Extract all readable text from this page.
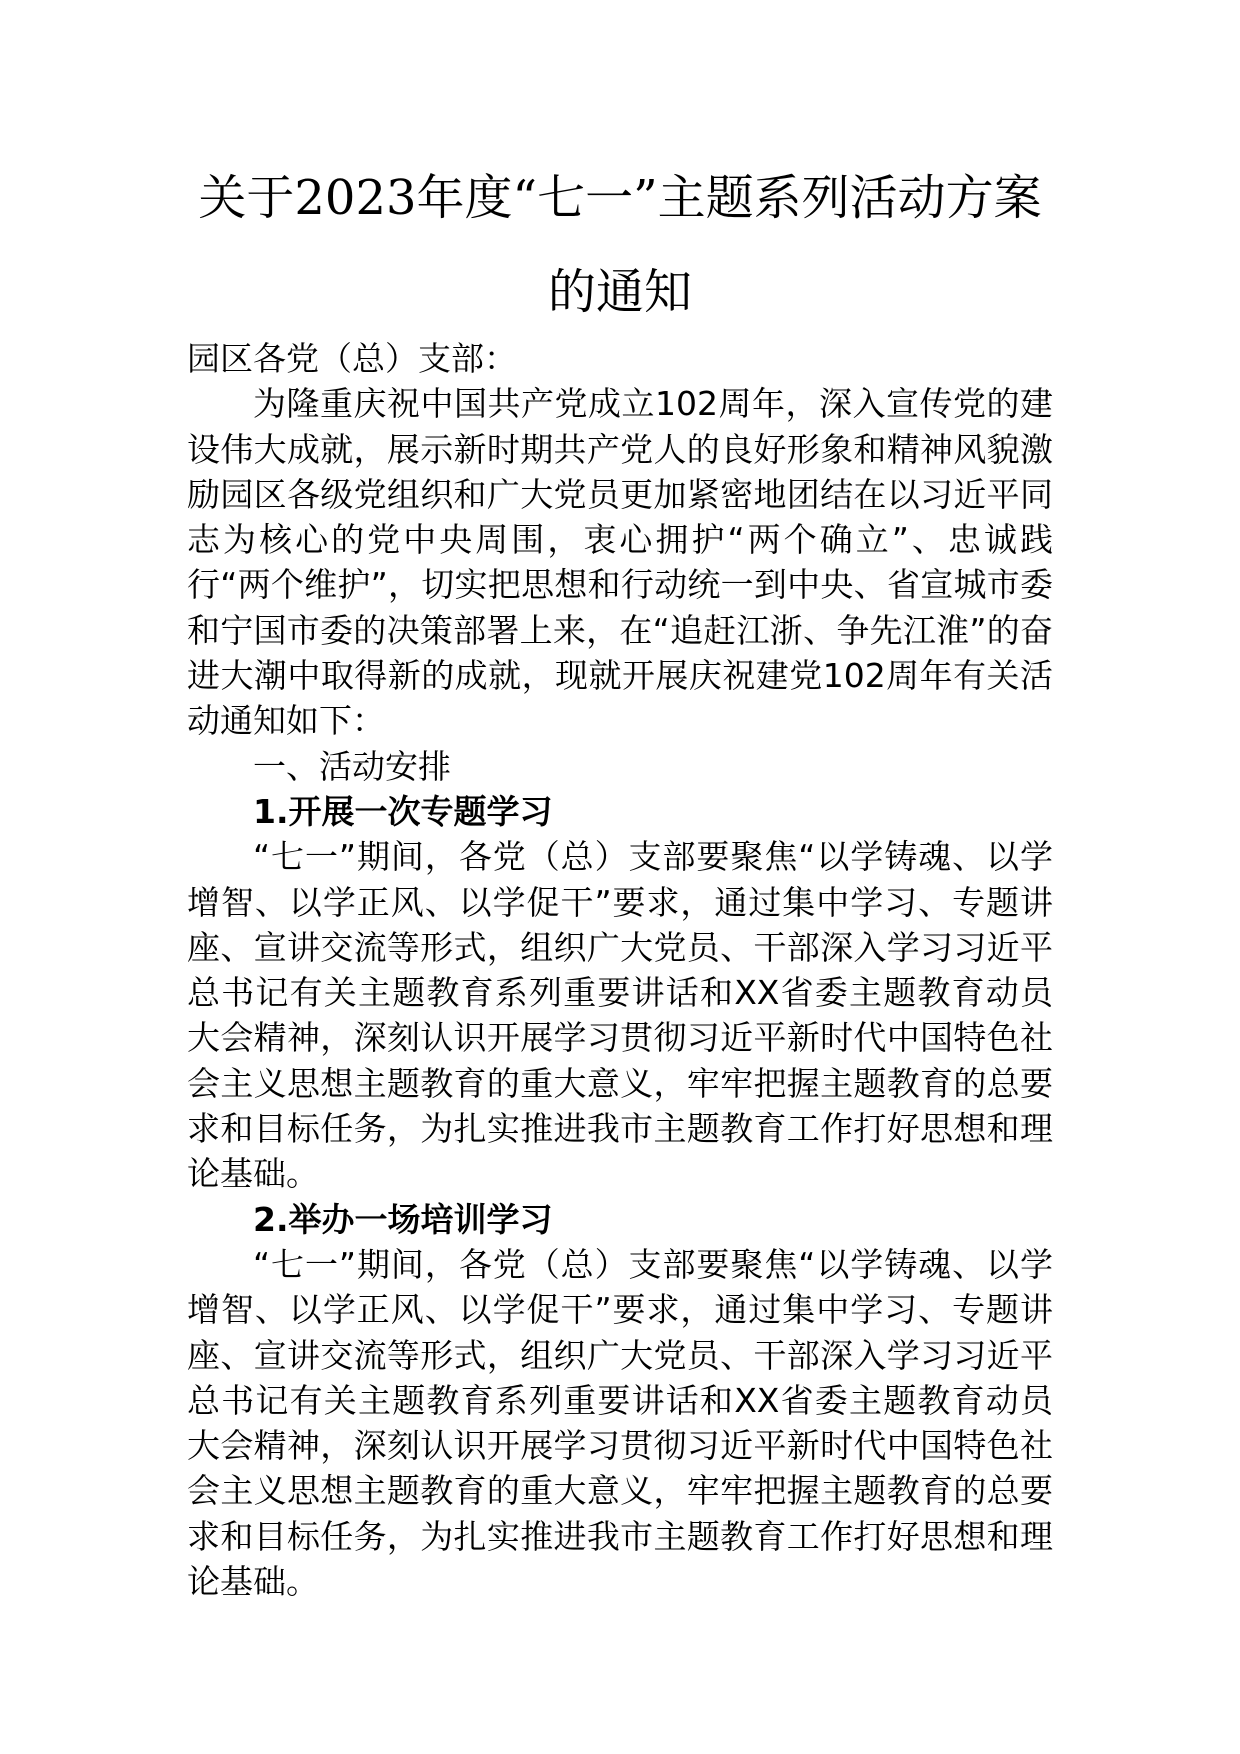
关于2023年度“七一”主题系列活动方案
的通知

园区各党（总）支部：

为隆重庆祝中国共产党成立102周年，深入宣传党的建设伟大成就，展示新时期共产党人的良好形象和精神风貌激励园区各级党组织和广大党员更加紧密地团结在以习近平同志为核心的党中央周围，衷心拥护“两个确立”、忠诚践行“两个维护”，切实把思想和行动统一到中央、省宣城市委和宁国市委的决策部署上来，在“追赶江浙、争先江淮”的奋进大潮中取得新的成就，现就开展庆祝建党102周年有关活动通知如下：

一、活动安排

1.开展一次专题学习

“七一”期间，各党（总）支部要聚焦“以学铸魂、以学增智、以学正风、以学促干”要求，通过集中学习、专题讲座、宣讲交流等形式，组织广大党员、干部深入学习习近平总书记有关主题教育系列重要讲话和XX省委主题教育动员大会精神，深刻认识开展学习贯彻习近平新时代中国特色社会主义思想主题教育的重大意义，牢牢把握主题教育的总要求和目标任务，为扎实推进我市主题教育工作打好思想和理论基础。

2.举办一场培训学习

“七一”期间，各党（总）支部要聚焦“以学铸魂、以学增智、以学正风、以学促干”要求，通过集中学习、专题讲座、宣讲交流等形式，组织广大党员、干部深入学习习近平总书记有关主题教育系列重要讲话和XX省委主题教育动员大会精神，深刻认识开展学习贯彻习近平新时代中国特色社会主义思想主题教育的重大意义，牢牢把握主题教育的总要求和目标任务，为扎实推进我市主题教育工作打好思想和理论基础。
